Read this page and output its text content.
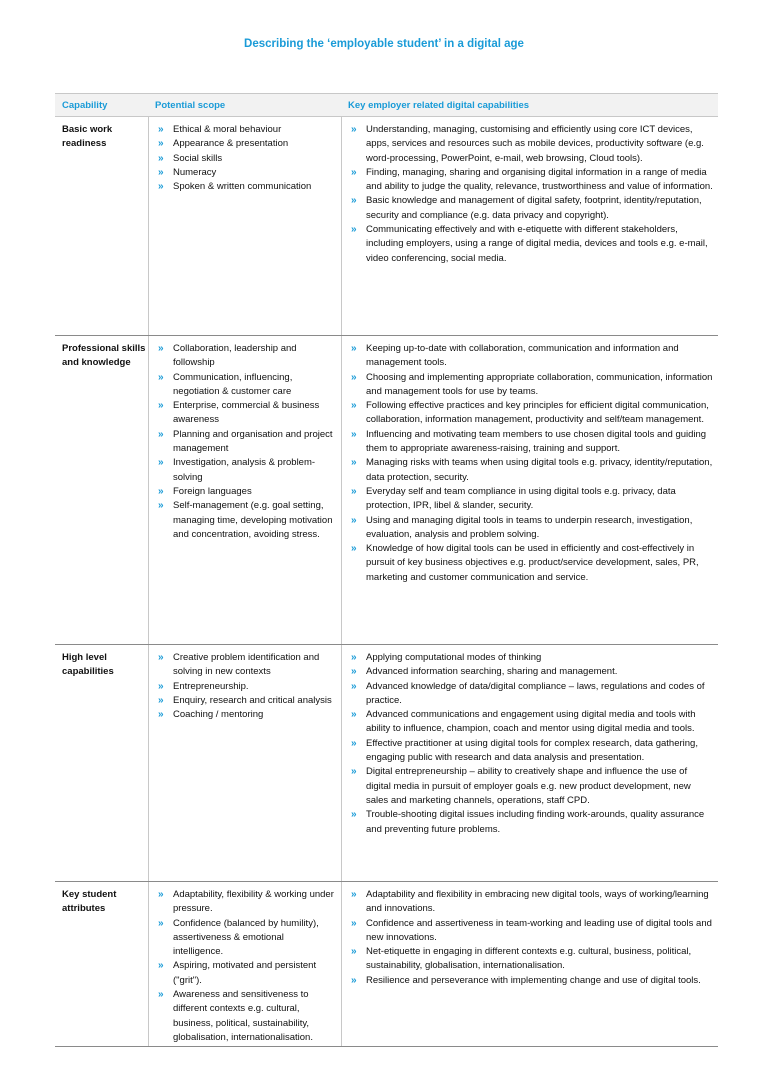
Describing the ‘employable student’ in a digital age
Capability	Potential scope	Key employer related digital capabilities
Basic work readiness
» Ethical & moral behaviour
» Appearance & presentation
» Social skills
» Numeracy
» Spoken & written communication
» Understanding, managing, customising and efficiently using core ICT devices, apps, services and resources such as mobile devices, productivity software (e.g. word-processing, PowerPoint, e-mail, web browsing, Cloud tools).
» Finding, managing, sharing and organising digital information in a range of media and ability to judge the quality, relevance, trustworthiness and value of information.
» Basic knowledge and management of digital safety, footprint, identity/reputation, security and compliance (e.g. data privacy and copyright).
» Communicating effectively and with e-etiquette with different stakeholders, including employers, using a range of digital media, devices and tools e.g. e-mail, video conferencing, social media.
Professional skills and knowledge
» Collaboration, leadership and followship
» Communication, influencing, negotiation & customer care
» Enterprise, commercial & business awareness
» Planning and organisation and project management
» Investigation, analysis & problem-solving
» Foreign languages
» Self-management (e.g. goal setting, managing time, developing motivation and concentration, avoiding stress.
» Keeping up-to-date with collaboration, communication and information and management tools.
» Choosing and implementing appropriate collaboration, communication, information and management tools for use by teams.
» Following effective practices and key principles for efficient digital communication, collaboration, information management, productivity and self/team management.
» Influencing and motivating team members to use chosen digital tools and guiding them to appropriate awareness-raising, training and support.
» Managing risks with teams when using digital tools e.g. privacy, identity/reputation, data protection, security.
» Everyday self and team compliance in using digital tools e.g. privacy, data protection, IPR, libel & slander, security.
» Using and managing digital tools in teams to underpin research, investigation, evaluation, analysis and problem solving.
» Knowledge of how digital tools can be used in efficiently and cost-effectively in pursuit of key business objectives e.g. product/service development, sales, PR, marketing and customer communication and service.
High level capabilities
» Creative problem identification and solving in new contexts
» Entrepreneurship.
» Enquiry, research and critical analysis
» Coaching / mentoring
» Applying computational modes of thinking
» Advanced information searching, sharing and management.
» Advanced knowledge of data/digital compliance – laws, regulations and codes of practice.
» Advanced communications and engagement using digital media and tools with ability to influence, champion, coach and mentor using digital media and tools.
» Effective practitioner at using digital tools for complex research, data gathering, engaging public with research and data analysis and presentation.
» Digital entrepreneurship – ability to creatively shape and influence the use of digital media in pursuit of employer goals e.g. new product development, new sales and marketing channels, operations, staff CPD.
» Trouble-shooting digital issues including finding work-arounds, quality assurance and preventing future problems.
Key student attributes
» Adaptability, flexibility & working under pressure.
» Confidence (balanced by humility), assertiveness & emotional intelligence.
» Aspiring, motivated and persistent ("grit").
» Awareness and sensitiveness to different contexts e.g. cultural, business, political, sustainability, globalisation, internationalisation.
» Adaptability and flexibility in embracing new digital tools, ways of working/learning and innovations.
» Confidence and assertiveness in team-working and leading use of digital tools and new innovations.
» Net-etiquette in engaging in different contexts e.g. cultural, business, political, sustainability, globalisation, internationalisation.
» Resilience and perseverance with implementing change and use of digital tools.
